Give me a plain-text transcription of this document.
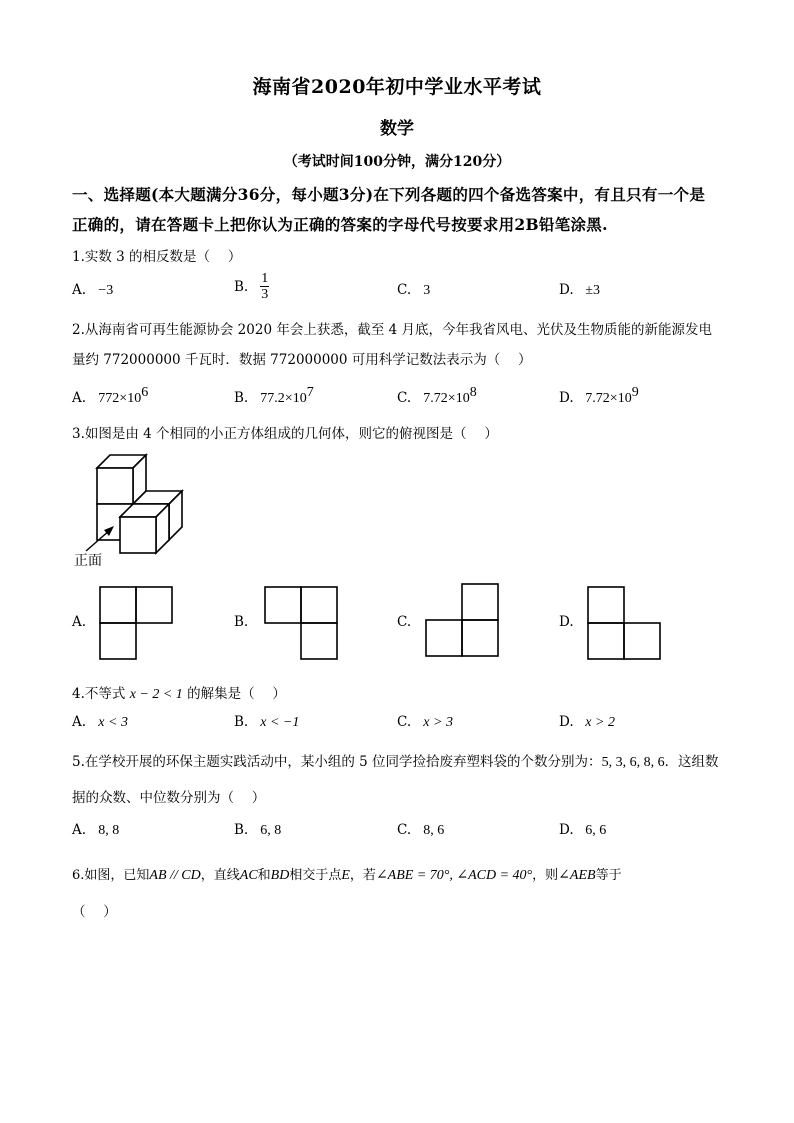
海南省2020年初中学业水平考试
数学
（考试时间100分钟，满分120分）
一、选择题(本大题满分36分，每小题3分)在下列各题的四个备选答案中，有且只有一个是
正确的，请在答题卡上把你认为正确的答案的字母代号按要求用2B铅笔涂黑.
1.实数 3 的相反数是（　 ）
A. −3	B. $\frac{1}{3}$	C. 3	D. ±3
2.从海南省可再生能源协会 2020 年会上获悉，截至 4 月底，今年我省风电、光伏及生物质能的新能源发电
量约 772000000 千瓦时．数据 772000000 可用科学记数法表示为（　 ）
A. $772\times 10^6$	B. $77.2\times 10^7$	C. $7.72\times 10^8$	D. $7.72\times 10^9$
3.如图是由 4 个相同的小正方体组成的几何体，则它的俯视图是（　 ）
正面
A.	B.	C.	D.
4.不等式 x − 2 < 1 的解集是（　 ）
A. x < 3	B. x < −1	C. x > 3	D. x > 2
5.在学校开展的环保主题实践活动中，某小组的 5 位同学捡拾废弃塑料袋的个数分别为：5, 3, 6, 8, 6．这组数
据的众数、中位数分别为（　 ）
A. 8, 8	B. 6, 8	C. 8, 6	D. 6, 6
6.如图，已知AB // CD，直线AC和BD相交于点E，若∠ABE = 70°, ∠ACD = 40°，则∠AEB等于
（　 ）
